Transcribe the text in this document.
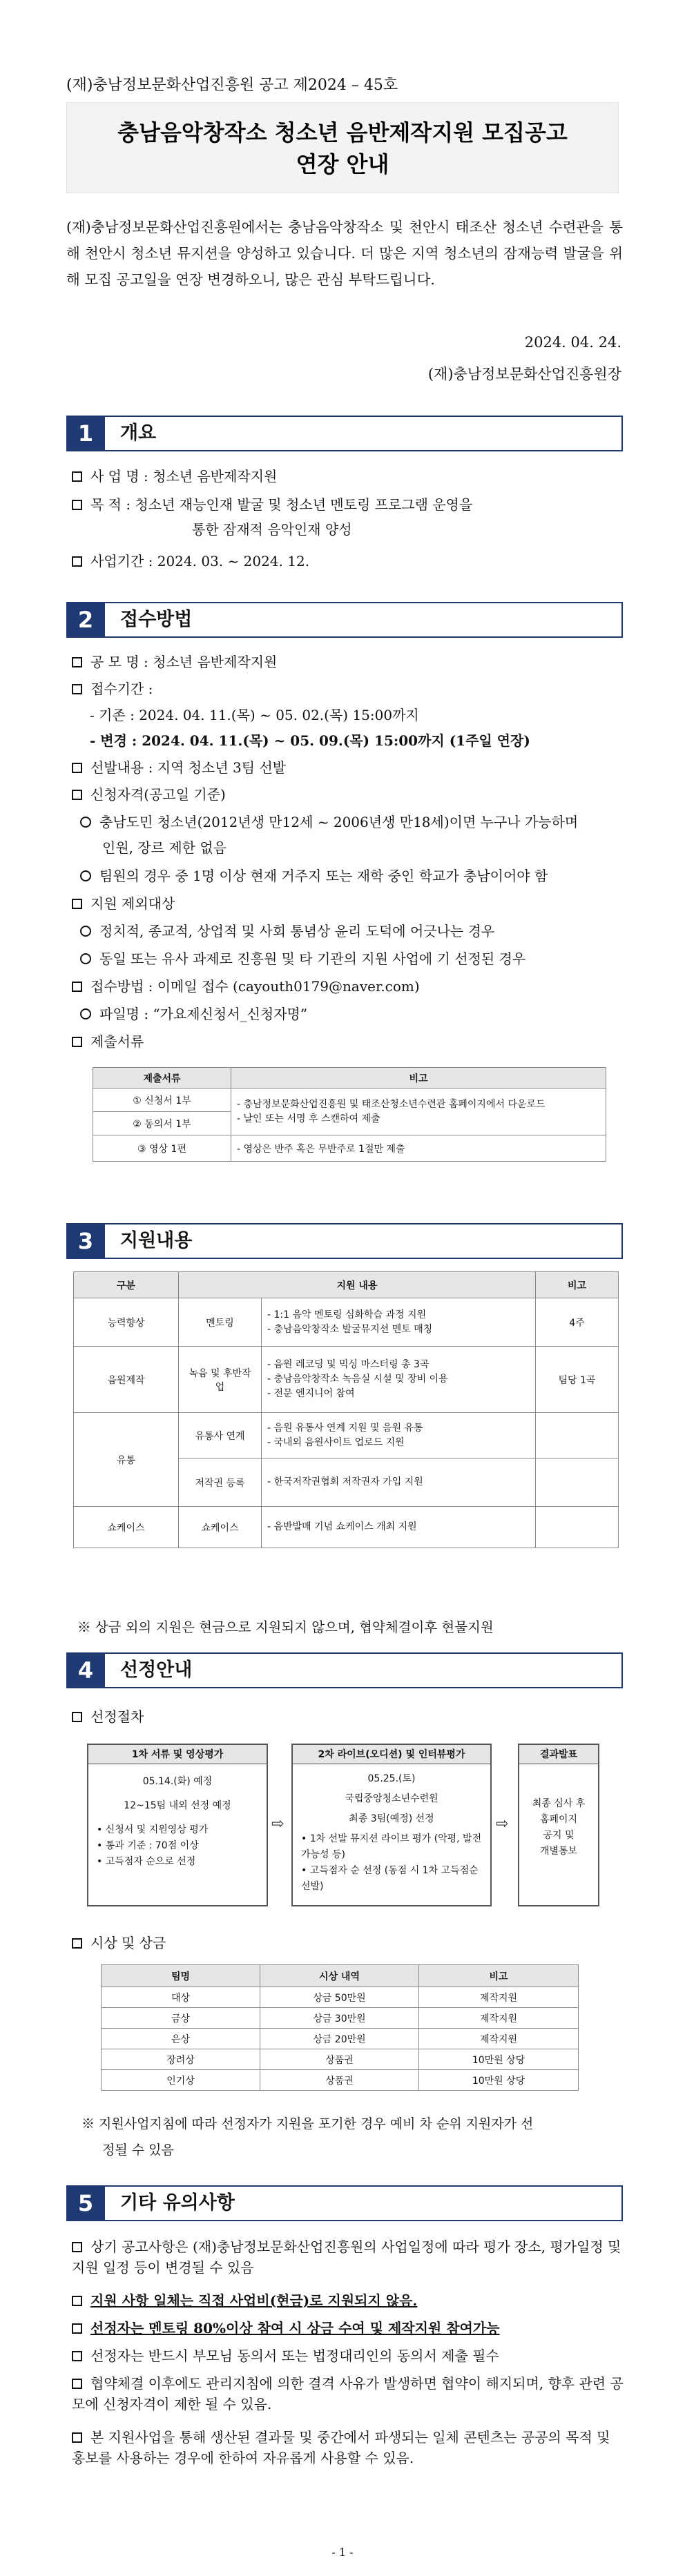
(재)충남정보문화산업진흥원 공고 제2024 – 45호
충남음악창작소 청소년 음반제작지원 모집공고
연장 안내
(재)충남정보문화산업진흥원에서는 충남음악창작소 및 천안시 태조산 청소년 수련관을 통해 천안시 청소년 뮤지션을 양성하고 있습니다. 더 많은 지역 청소년의 잠재능력 발굴을 위해 모집 공고일을 연장 변경하오니, 많은 관심 부탁드립니다.
2024. 04. 24.
(재)충남정보문화산업진흥원장
1	개요
사 업 명 : 청소년 음반제작지원
목 적 : 청소년 재능인재 발굴 및 청소년 멘토링 프로그램 운영을
통한 잠재적 음악인재 양성
사업기간 : 2024. 03. ~ 2024. 12.
2	접수방법
공 모 명 : 청소년 음반제작지원
접수기간 :
- 기존 : 2024. 04. 11.(목) ~ 05. 02.(목) 15:00까지
- 변경 : 2024. 04. 11.(목) ~ 05. 09.(목) 15:00까지 (1주일 연장)
선발내용 : 지역 청소년 3팀 선발
신청자격(공고일 기준)
충남도민 청소년(2012년생 만12세 ~ 2006년생 만18세)이면 누구나 가능하며
인원, 장르 제한 없음
팀원의 경우 중 1명 이상 현재 거주지 또는 재학 중인 학교가 충남이어야 함
지원 제외대상
정치적, 종교적, 상업적 및 사회 통념상 윤리 도덕에 어긋나는 경우
동일 또는 유사 과제로 진흥원 및 타 기관의 지원 사업에 기 선정된 경우
접수방법 : 이메일 접수 (cayouth0179@naver.com)
파일명 : “가요제신청서_신청자명”
제출서류
제출서류	비고
① 신청서 1부	- 충남정보문화산업진흥원 및 태조산청소년수련관 홈페이지에서 다운로드
- 날인 또는 서명 후 스캔하여 제출

② 동의서 1부	
③ 영상 1편	- 영상은 반주 혹은 무반주로 1절만 제출
3	지원내용
구분	지원 내용		비고
능력향상	멘토링	- 1:1 음악 멘토링 심화학습 과정 지원
- 충남음악창작소 발굴뮤지션 멘토 매칭	4주
음원제작	녹음 및 후반작업	- 음원 레코딩 및 믹싱 마스터링 총 3곡
- 충남음악창작소 녹음실 시설 및 장비 이용
- 전문 엔지니어 참여	팀당 1곡
유통	유통사 연계	- 음원 유통사 연계 지원 및 음원 유통
- 국내외 음원사이트 업로드 지원	

	저작권 등록	- 한국저작권협회 저작권자 가입 지원	
쇼케이스	쇼케이스	- 음반발매 기념 쇼케이스 개최 지원	
※ 상금 외의 지원은 현금으로 지원되지 않으며, 협약체결이후 현물지원
4	선정안내
선정절차
1차 서류 및 영상평가
05.14.(화) 예정
12~15팀 내외 선정 예정
• 신청서 및 지원영상 평가
• 통과 기준 : 70점 이상
• 고득점자 순으로 선정
⇨
2차 라이브(오디션) 및 인터뷰평가
05.25.(토)
국립중앙청소년수련원
최종 3팀(예정) 선정
• 1차 선발 뮤지션 라이브 평가 (악평, 발전가능성 등)
• 고득점자 순 선정 (동점 시 1차 고득점순 선발)
⇨
결과발표
최종 심사 후
홈페이지
공지 및
개별통보
시상 및 상금
팀명	시상 내역	비고
대상	상금 50만원	제작지원
금상	상금 30만원	제작지원
은상	상금 20만원	제작지원
장려상	상품권	10만원 상당
인기상	상품권	10만원 상당
※ 지원사업지침에 따라 선정자가 지원을 포기한 경우 예비 차 순위 지원자가 선
정될 수 있음
5	기타 유의사항
상기 공고사항은 (재)충남정보문화산업진흥원의 사업일정에 따라 평가 장소, 평가일정 및 지원 일정 등이 변경될 수 있음
지원 사항 일체는 직접 사업비(현금)로 지원되지 않음.
선정자는 멘토링 80%이상 참여 시 상금 수여 및 제작지원 참여가능
선정자는 반드시 부모님 동의서 또는 법정대리인의 동의서 제출 필수
협약체결 이후에도 관리지침에 의한 결격 사유가 발생하면 협약이 해지되며, 향후 관련 공모에 신청자격이 제한 될 수 있음.
본 지원사업을 통해 생산된 결과물 및 중간에서 파생되는 일체 콘텐츠는 공공의 목적 및 홍보를 사용하는 경우에 한하여 자유롭게 사용할 수 있음.
- 1 -
